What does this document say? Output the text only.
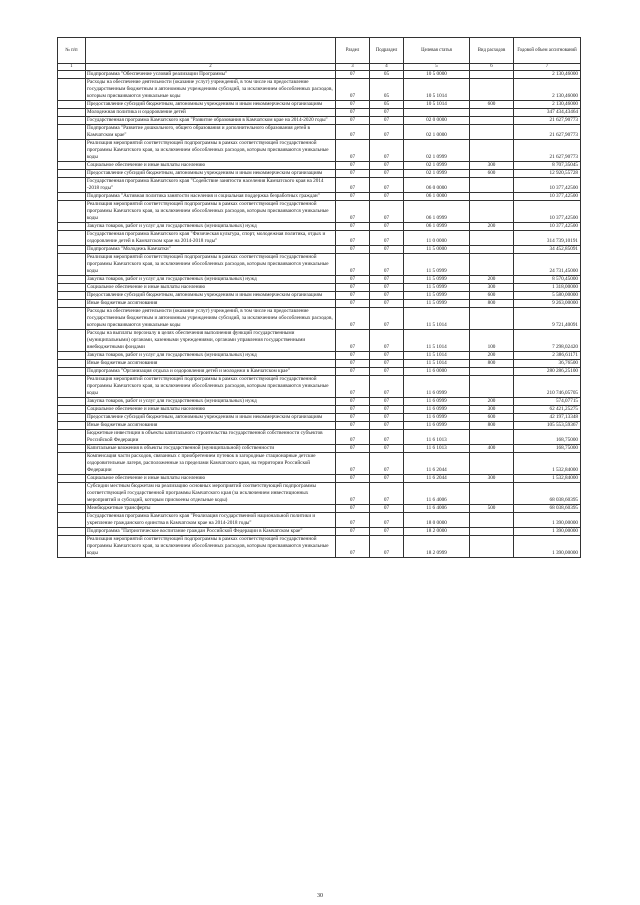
№ п/п		Раздел	Подраздел	Целевая статья	Вид расходов	Годовой объем ассигнований
1	2	3	4	5	6	7
	Подпрограмма "Обеспечение условий реализации Программы"	07	05	10 5 0000		2 130,46000
	Расходы на обеспечение деятельности (оказание услуг) учреждений, в том числе на предоставление государственным бюджетным и автономным учреждениям субсидий, за исключением обособленных расходов, которым присваиваются уникальные коды	07	05	10 5 1014		2 130,46000
	Предоставление субсидий бюджетным, автономным учреждениям и иным некоммерческим организациям	07	05	10 5 1014	600	2 130,46000
	Молодежная политика и оздоровление детей	07	07			347 434,43464
	Государственная программа Камчатского края "Развитие образования в Камчатском крае на 2014-2020 годы"	07	07	02 0 0000		21 627,90773
	Подпрограмма "Развитие дошкольного, общего образования и дополнительного образования детей в Камчатском крае"	07	07	02 1 0000		21 627,90773
	Реализация мероприятий соответствующей подпрограммы в рамках соответствующей государственной программы Камчатского края, за исключением обособленных расходов, которым присваиваются уникальные коды	07	07	02 1 0999		21 627,90773
	Социальное обеспечение и иные выплаты населению	07	07	02 1 0999	300	8 707,35045
	Предоставление субсидий бюджетным, автономным учреждениям и иным некоммерческим организациям	07	07	02 1 0999	600	12 920,55728
	Государственная программа Камчатского края "Содействие занятости населения Камчатского края на 2014 -2018 годы"	07	07	06 0 0000		10 377,42500
	Подпрограмма "Активная политика занятости населения и социальная поддержка безработных граждан"	07	07	06 1 0000		10 377,42500
	Реализация мероприятий соответствующей подпрограммы в рамках соответствующей государственной программы Камчатского края, за исключением обособленных расходов, которым присваиваются уникальные коды	07	07	06 1 0999		10 377,42500
	Закупка товаров, работ и услуг для государственных (муниципальных) нужд	07	07	06 1 0999	200	10 377,42500
	Государственная программа Камчатского края "Физическая культура, спорт, молодежная политика, отдых и оздоровление детей в Камчатском крае на 2014-2018 годы"	07	07	11 0 0000		314 739,10191
	Подпрограмма "Молодежь Камчатки"	07	07	11 5 0000		34 452,85091
	Реализация мероприятий соответствующей подпрограммы в рамках соответствующей государственной программы Камчатского края, за исключением обособленных расходов, которым присваиваются уникальные коды	07	07	11 5 0999		24 731,45000
	Закупка товаров, работ и услуг для государственных (муниципальных) нужд	07	07	11 5 0999	200	8 570,45000
	Социальное обеспечение и иные выплаты населению	07	07	11 5 0999	300	1 318,00000
	Предоставление субсидий бюджетным, автономным учреждениям и иным некоммерческим организациям	07	07	11 5 0999	600	5 580,00000
	Иные бюджетные ассигнования	07	07	11 5 0999	800	9 263,00000
	Расходы на обеспечение деятельности (оказание услуг) учреждений, в том числе на предоставление государственным бюджетным и автономным учреждениям субсидий, за исключением обособленных расходов, которым присваиваются уникальные коды	07	07	11 5 1014		9 721,40091
	Расходы на выплаты персоналу в целях обеспечения выполнения функций государственными (муниципальными) органами, казенными учреждениями, органами управления государственными внебюджетными фондами	07	07	11 5 1014	100	7 298,02420
	Закупка товаров, работ и услуг для государственных (муниципальных) нужд	07	07	11 5 1014	200	2 386,61171
	Иные бюджетные ассигнования	07	07	11 5 1014	800	36,76500
	Подпрограмма "Организация отдыха и оздоровления детей и молодежи в Камчатском крае"	07	07	11 6 0000		280 286,25100
	Реализация мероприятий соответствующей подпрограммы в рамках соответствующей государственной программы Камчатского края, за исключением обособленных расходов, которым присваиваются уникальные коды	07	07	11 6 0999		210 746,05705
	Закупка товаров, работ и услуг для государственных (муниципальных) нужд	07	07	11 6 0999	200	574,07715
	Социальное обеспечение и иные выплаты населению	07	07	11 6 0999	300	62 421,25275
	Предоставление субсидий бюджетным, автономным учреждениям и иным некоммерческим организациям	07	07	11 6 0999	600	42 197,13348
	Иные бюджетные ассигнования	07	07	11 6 0999	800	105 553,59367
	Бюджетные инвестиции в объекты капитального строительства государственной собственности субъектов Российской Федерации	07	07	11 6 1013		168,75000
	Капитальные вложения в объекты государственной (муниципальной) собственности	07	07	11 6 1013	400	168,75000
	Компенсация части расходов, связанных с приобретением путевок в загородные стационарные детские оздоровительные лагеря, расположенные за пределами Камчатского края, на территории Российской Федерации	07	07	11 6 2044		1 532,84000
	Социальное обеспечение и иные выплаты населению	07	07	11 6 2044	300	1 532,84000
	Субсидии местным бюджетам на реализацию основных мероприятий соответствующей подпрограммы соответствующей государственной программы Камчатского края (за исключением инвестиционных мероприятий и субсидий, которым присвоены отдельные коды)	07	07	11 6 4006		68 038,60395
	Межбюджетные трансферты	07	07	11 6 4006	500	68 038,60395
	Государственная программа Камчатского края "Реализация государственной национальной политики и укрепление гражданского единства в Камчатском крае на 2014-2018 годы"	07	07	18 0 0000		1 390,00000
	Подпрограмма "Патриотическое воспитание граждан Российской Федерации в Камчатском крае"	07	07	18 2 0000		1 390,00000
	Реализация мероприятий соответствующей подпрограммы в рамках соответствующей государственной программы Камчатского края, за исключением обособленных расходов, которым присваиваются уникальные коды	07	07	18 2 0999		1 390,00000
30
